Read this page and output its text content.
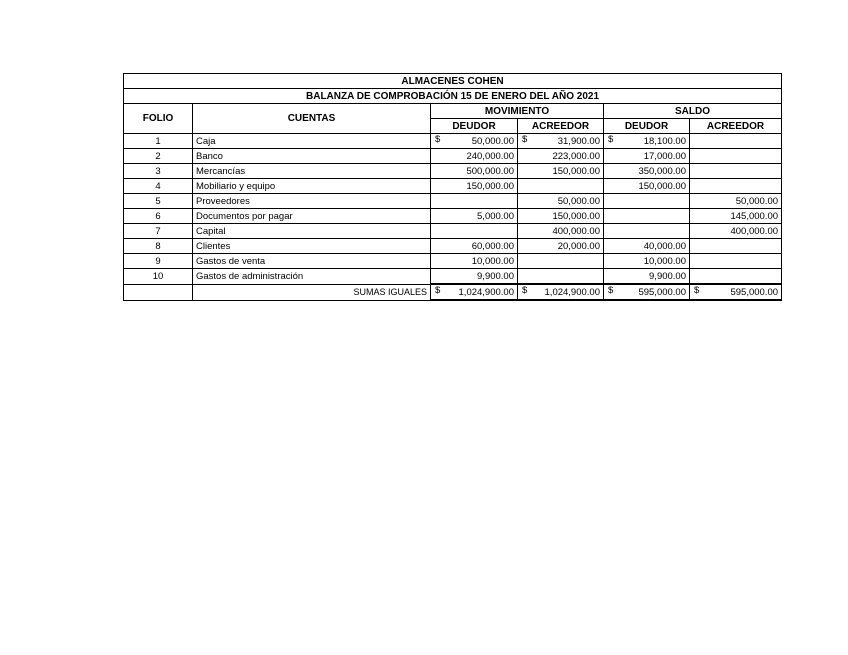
ALMACENES COHEN					
BALANZA DE COMPROBACIÓN 15 DE ENERO DEL AÑO 2021					
FOLIO	CUENTAS	MOVIMIENTO		SALDO	
		DEUDOR	ACREEDOR	DEUDOR	ACREEDOR
1	Caja	$ 50,000.00	$ 31,900.00	$ 18,100.00	
2	Banco	240,000.00	223,000.00	17,000.00	
3	Mercancías	500,000.00	150,000.00	350,000.00	
4	Mobiliario y equipo	150,000.00		150,000.00	
5	Proveedores		50,000.00		50,000.00
6	Documentos por pagar	5,000.00	150,000.00		145,000.00
7	Capital		400,000.00		400,000.00
8	Clientes	60,000.00	20,000.00	40,000.00	
9	Gastos de venta	10,000.00		10,000.00	
10	Gastos de administración	9,900.00		9,900.00	
	SUMAS IGUALES	$ 1,024,900.00	$ 1,024,900.00	$ 595,000.00	$ 595,000.00
